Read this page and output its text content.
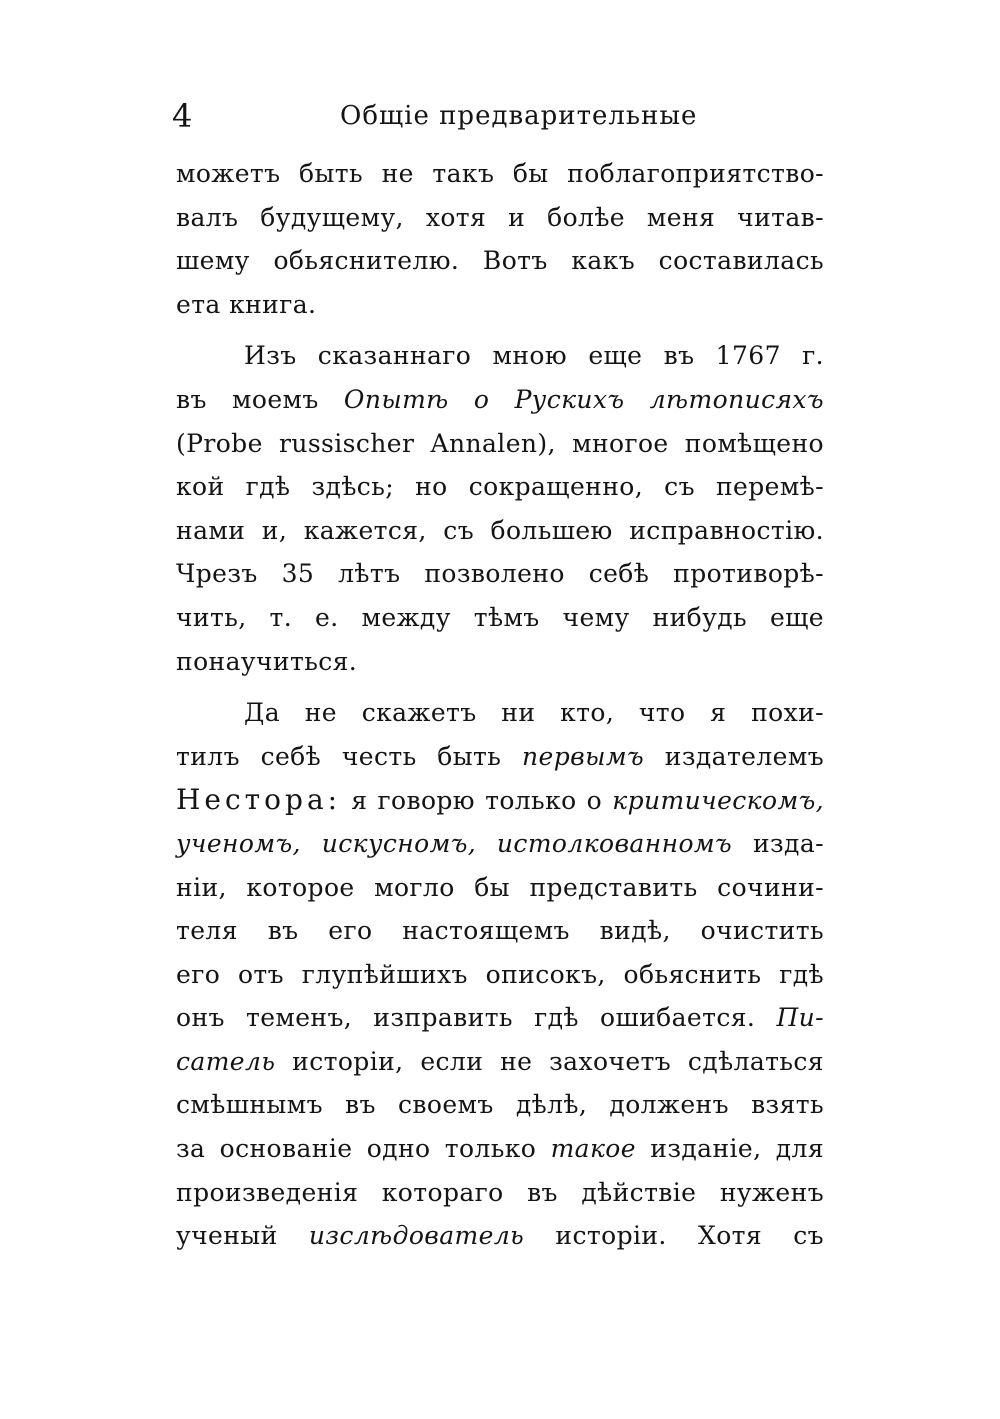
4	Общіе предварительные
можетъ быть не такъ бы поблагоприятство-
валъ будущему, хотя и болѣе меня читав-
шему обьяснителю. Вотъ какъ составилась
ета книга.
Изъ сказаннаго мною еще въ 1767 г.
въ моемъ Опытѣ о Рускихъ лѣтописяхъ
(Probe russischer Annalen), многое помѣщено
кой гдѣ здѣсь; но сокращенно, съ перемѣ-
нами и, кажется, съ большею исправностію.
Чрезъ 35 лѣтъ позволено себѣ противорѣ-
чить, т. е. между тѣмъ чему нибудь еще
понаучиться.
Да не скажетъ ни кто, что я похи-
тилъ себѣ честь быть первымъ издателемъ
Нестора: я говорю только о критическомъ,
ученомъ, искусномъ, истолкованномъ изда-
ніи, которое могло бы представить сочини-
теля въ его настоящемъ видѣ, очистить
его отъ глупѣйшихъ описокъ, обьяснить гдѣ
онъ теменъ, изправить гдѣ ошибается. Пи-
сатель исторіи, если не захочетъ сдѣлаться
смѣшнымъ въ своемъ дѣлѣ, долженъ взять
за основаніе одно только такое изданіе, для
произведенія котораго въ дѣйствіе нуженъ
ученый изслѣдователь исторіи. Хотя съ
